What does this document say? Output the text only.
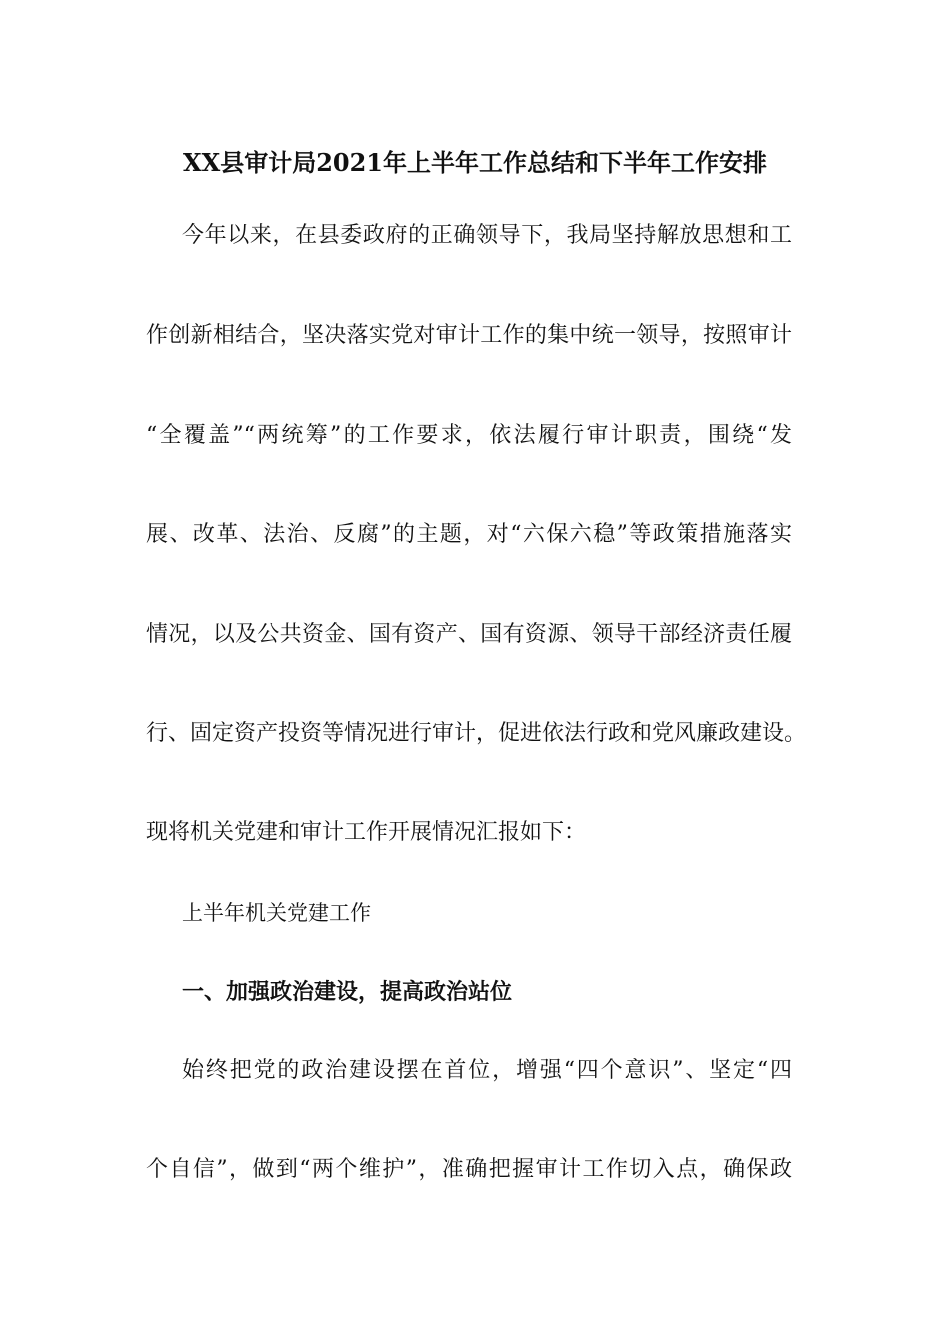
XX县审计局2021年上半年工作总结和下半年工作安排
今年以来，在县委政府的正确领导下，我局坚持解放思想和工
作创新相结合，坚决落实党对审计工作的集中统一领导，按照审计
“全覆盖”“两统筹”的工作要求，依法履行审计职责，围绕“发
展、改革、法治、反腐”的主题，对“六保六稳”等政策措施落实
情况，以及公共资金、国有资产、国有资源、领导干部经济责任履
行、固定资产投资等情况进行审计，促进依法行政和党风廉政建设。
现将机关党建和审计工作开展情况汇报如下：
上半年机关党建工作
一、加强政治建设，提高政治站位
始终把党的政治建设摆在首位，增强“四个意识”、坚定“四
个自信”，做到“两个维护”，准确把握审计工作切入点，确保政
